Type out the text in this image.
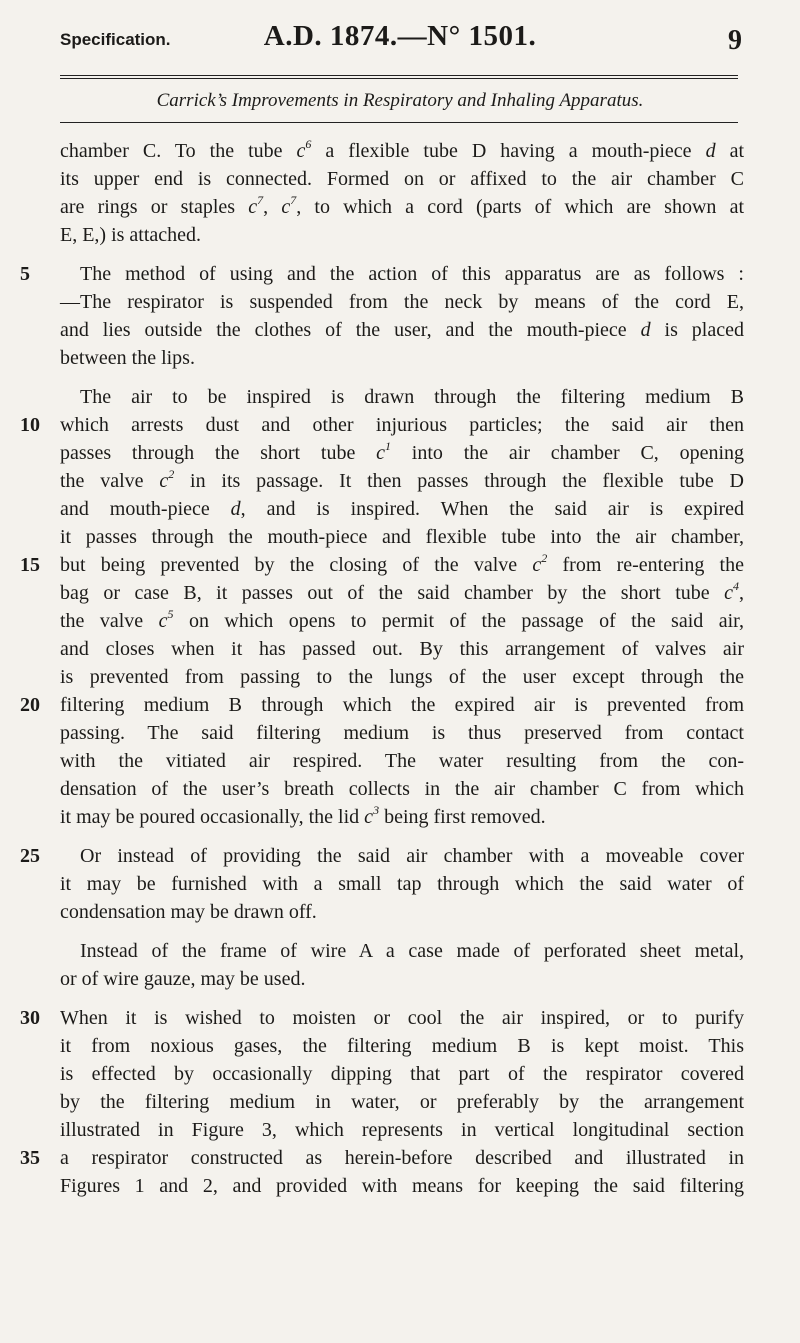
Specification.	A.D. 1874.—N° 1501.	9
Carrick’s Improvements in Respiratory and Inhaling Apparatus.
chamber C. To the tube $c^6$ a flexible tube D having a mouth-piece d at
its upper end is connected. Formed on or affixed to the air chamber C
are rings or staples $c^7$, $c^7$, to which a cord (parts of which are shown at
E, E,) is attached.
The method of using and the action of this apparatus are as follows :
—The respirator is suspended from the neck by means of the cord E,
and lies outside the clothes of the user, and the mouth-piece d is placed
between the lips.
The air to be inspired is drawn through the filtering medium B
which arrests dust and other injurious particles; the said air then
passes through the short tube $c^1$ into the air chamber C, opening
the valve $c^2$ in its passage. It then passes through the flexible tube D
and mouth-piece d, and is inspired. When the said air is expired
it passes through the mouth-piece and flexible tube into the air chamber,
but being prevented by the closing of the valve $c^2$ from re-entering the
bag or case B, it passes out of the said chamber by the short tube $c^4$,
the valve $c^5$ on which opens to permit of the passage of the said air,
and closes when it has passed out. By this arrangement of valves air
is prevented from passing to the lungs of the user except through the
filtering medium B through which the expired air is prevented from
passing. The said filtering medium is thus preserved from contact
with the vitiated air respired. The water resulting from the con-
densation of the user’s breath collects in the air chamber C from which
it may be poured occasionally, the lid $c^3$ being first removed.
Or instead of providing the said air chamber with a moveable cover
it may be furnished with a small tap through which the said water of
condensation may be drawn off.
Instead of the frame of wire A a case made of perforated sheet metal,
or of wire gauze, may be used.
When it is wished to moisten or cool the air inspired, or to purify
it from noxious gases, the filtering medium B is kept moist. This
is effected by occasionally dipping that part of the respirator covered
by the filtering medium in water, or preferably by the arrangement
illustrated in Figure 3, which represents in vertical longitudinal section
a respirator constructed as herein-before described and illustrated in
Figures 1 and 2, and provided with means for keeping the said filtering
5
10
15
20
25
30
35
